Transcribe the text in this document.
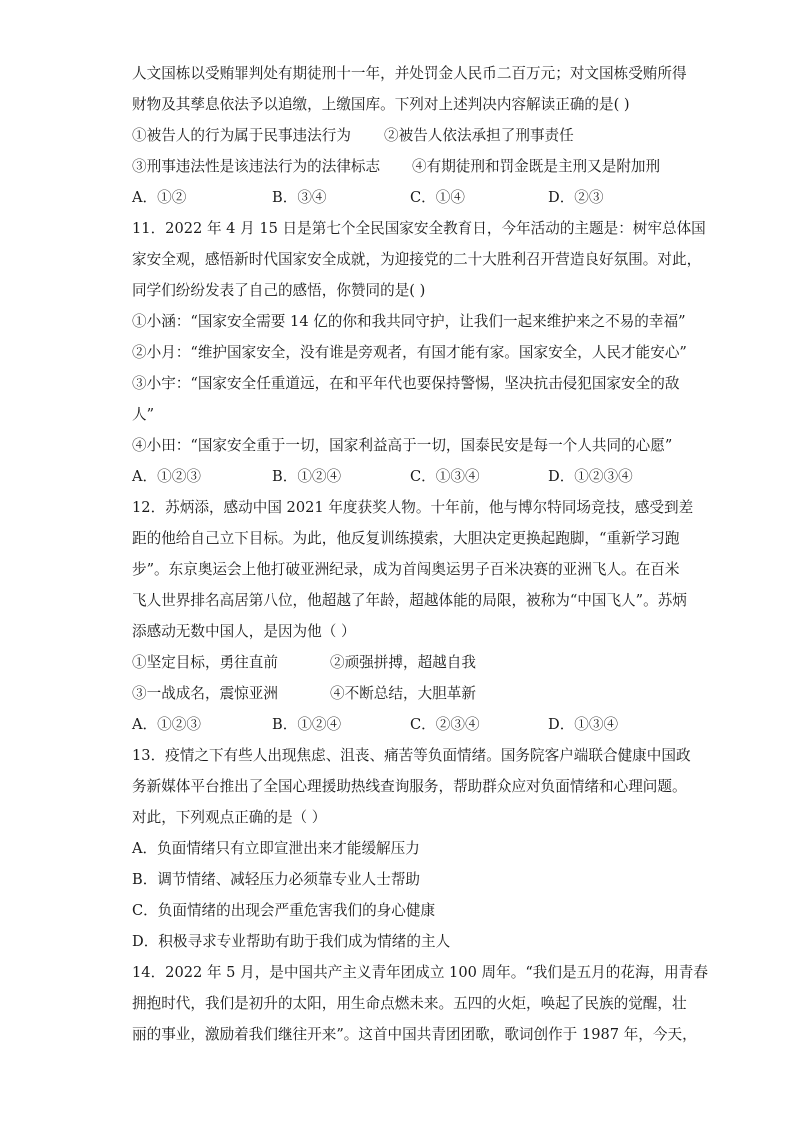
人文国栋以受贿罪判处有期徒刑十一年，并处罚金人民币二百万元；对文国栋受贿所得
财物及其孳息依法予以追缴，上缴国库。下列对上述判决内容解读正确的是( )
①被告人的行为属于民事违法行为 ②被告人依法承担了刑事责任
③刑事违法性是该违法行为的法律标志 ④有期徒刑和罚金既是主刑又是附加刑
A．①②	B．③④	C．①④	D．②③
11．2022 年 4 月 15 日是第七个全民国家安全教育日，今年活动的主题是：树牢总体国
家安全观，感悟新时代国家安全成就，为迎接党的二十大胜利召开营造良好氛围。对此，
同学们纷纷发表了自己的感悟，你赞同的是( )
①小涵：“国家安全需要 14 亿的你和我共同守护，让我们一起来维护来之不易的幸福”
②小月：“维护国家安全，没有谁是旁观者，有国才能有家。国家安全，人民才能安心”
③小宇：“国家安全任重道远，在和平年代也要保持警惕，坚决抗击侵犯国家安全的敌
人”
④小田：“国家安全重于一切，国家利益高于一切，国泰民安是每一个人共同的心愿”
A．①②③	B．①②④	C．①③④	D．①②③④
12．苏炳添，感动中国 2021 年度获奖人物。十年前，他与博尔特同场竞技，感受到差
距的他给自己立下目标。为此，他反复训练摸索，大胆决定更换起跑脚，“重新学习跑
步”。东京奥运会上他打破亚洲纪录，成为首闯奥运男子百米决赛的亚洲飞人。在百米
飞人世界排名高居第八位，他超越了年龄，超越体能的局限，被称为“中国飞人”。苏炳
添感动无数中国人，是因为他（ ）
①坚定目标，勇往直前	②顽强拼搏，超越自我
③一战成名，震惊亚洲	④不断总结，大胆革新
A．①②③	B．①②④	C．②③④	D．①③④
13．疫情之下有些人出现焦虑、沮丧、痛苦等负面情绪。国务院客户端联合健康中国政
务新媒体平台推出了全国心理援助热线查询服务，帮助群众应对负面情绪和心理问题。
对此，下列观点正确的是（ ）
A．负面情绪只有立即宣泄出来才能缓解压力
B．调节情绪、减轻压力必须靠专业人士帮助
C．负面情绪的出现会严重危害我们的身心健康
D．积极寻求专业帮助有助于我们成为情绪的主人
14．2022 年 5 月，是中国共产主义青年团成立 100 周年。“我们是五月的花海，用青春
拥抱时代，我们是初升的太阳，用生命点燃未来。五四的火炬，唤起了民族的觉醒，壮
丽的事业，激励着我们继往开来”。这首中国共青团团歌，歌词创作于 1987 年，今天，
